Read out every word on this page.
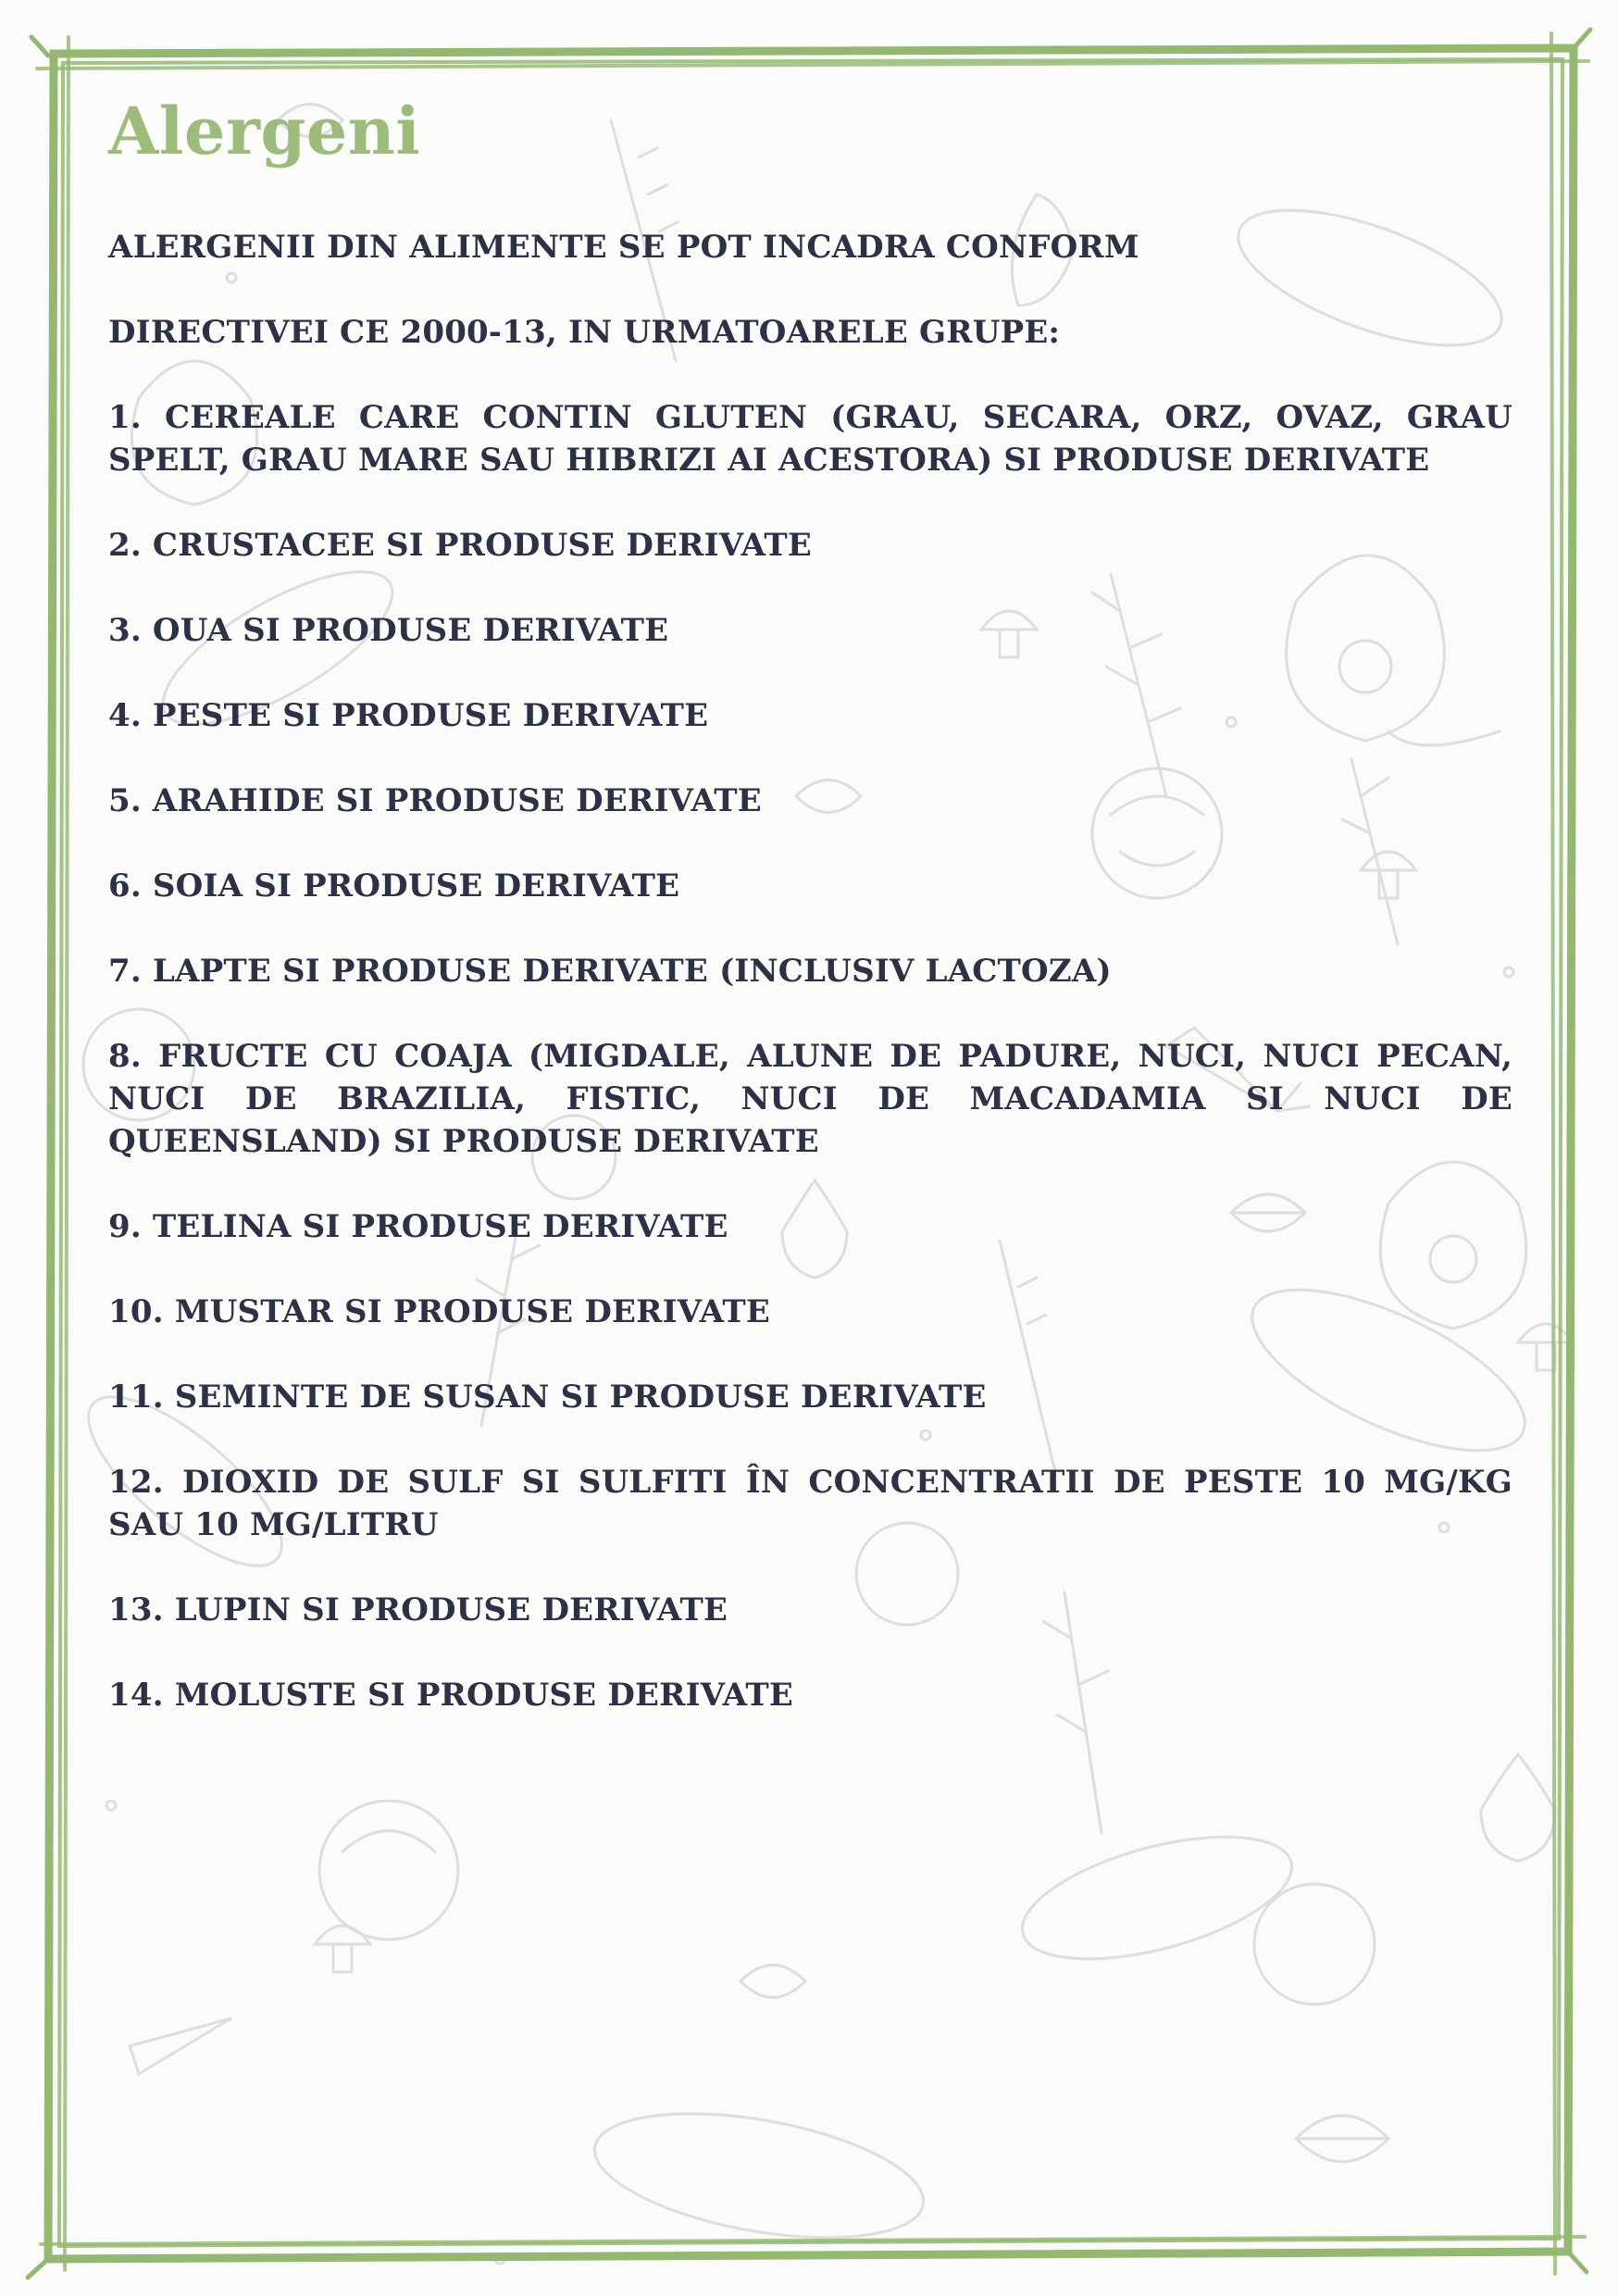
Alergeni

ALERGENII DIN ALIMENTE SE POT INCADRA CONFORM

DIRECTIVEI CE 2000-13, IN URMATOARELE GRUPE:

1. CEREALE CARE CONTIN GLUTEN (GRAU, SECARA, ORZ, OVAZ, GRAU SPELT, GRAU MARE SAU HIBRIZI AI ACESTORA) SI PRODUSE DERIVATE

2. CRUSTACEE SI PRODUSE DERIVATE

3. OUA SI PRODUSE DERIVATE

4. PESTE SI PRODUSE DERIVATE

5. ARAHIDE SI PRODUSE DERIVATE

6. SOIA SI PRODUSE DERIVATE

7. LAPTE SI PRODUSE DERIVATE (INCLUSIV LACTOZA)

8. FRUCTE CU COAJA (MIGDALE, ALUNE DE PADURE, NUCI, NUCI PECAN, NUCI DE BRAZILIA, FISTIC, NUCI DE MACADAMIA SI NUCI DE QUEENSLAND) SI PRODUSE DERIVATE

9. TELINA SI PRODUSE DERIVATE

10. MUSTAR SI PRODUSE DERIVATE

11. SEMINTE DE SUSAN SI PRODUSE DERIVATE

12. DIOXID DE SULF SI SULFITI ÎN CONCENTRATII DE PESTE 10 MG/KG SAU 10 MG/LITRU

13. LUPIN SI PRODUSE DERIVATE

14. MOLUSTE SI PRODUSE DERIVATE
